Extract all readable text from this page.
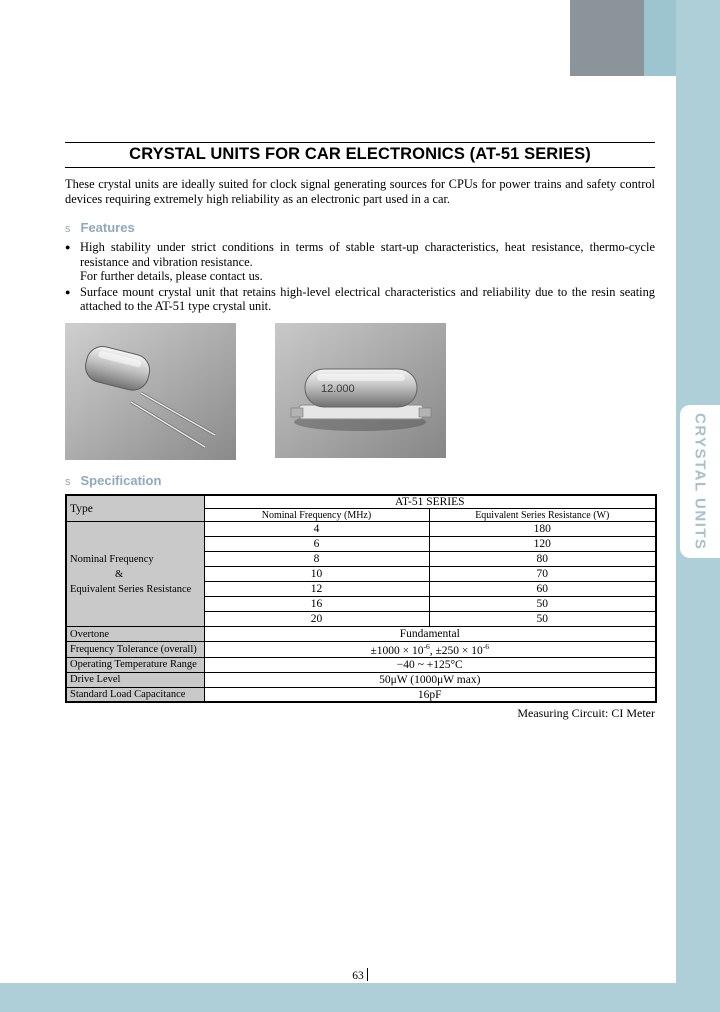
CRYSTAL UNITS
CRYSTAL UNITS FOR CAR ELECTRONICS (AT-51 SERIES)

These crystal units are ideally suited for clock signal generating sources for CPUs for power trains and safety control devices requiring extremely high reliability as an electronic part used in a car.

s Features
● High stability under strict conditions in terms of stable start-up characteristics, heat resistance, thermo-cycle resistance and vibration resistance.
For further details, please contact us.
● Surface mount crystal unit that retains high-level electrical characteristics and reliability due to the resin seating attached to the AT-51 type crystal unit.
12.000
s Specification
Type	AT-51 SERIES	
	Nominal Frequency (MHz)	Equivalent Series Resistance (W)

Nominal Frequency
&
Equivalent Series Resistance	4	180
	6	120
	8	80
	10	70
	12	60
	16	50
	20	50
Overtone	Fundamental	
Frequency Tolerance (overall)	$\pm 1000 \times 10^{-6}$, $\pm 250 \times 10^{-6}$
Operating Temperature Range	−40 ~ +125°C	
Drive Level	50μW (1000μW max)	
Standard Load Capacitance	16pF	
Measuring Circuit: CI Meter
63
